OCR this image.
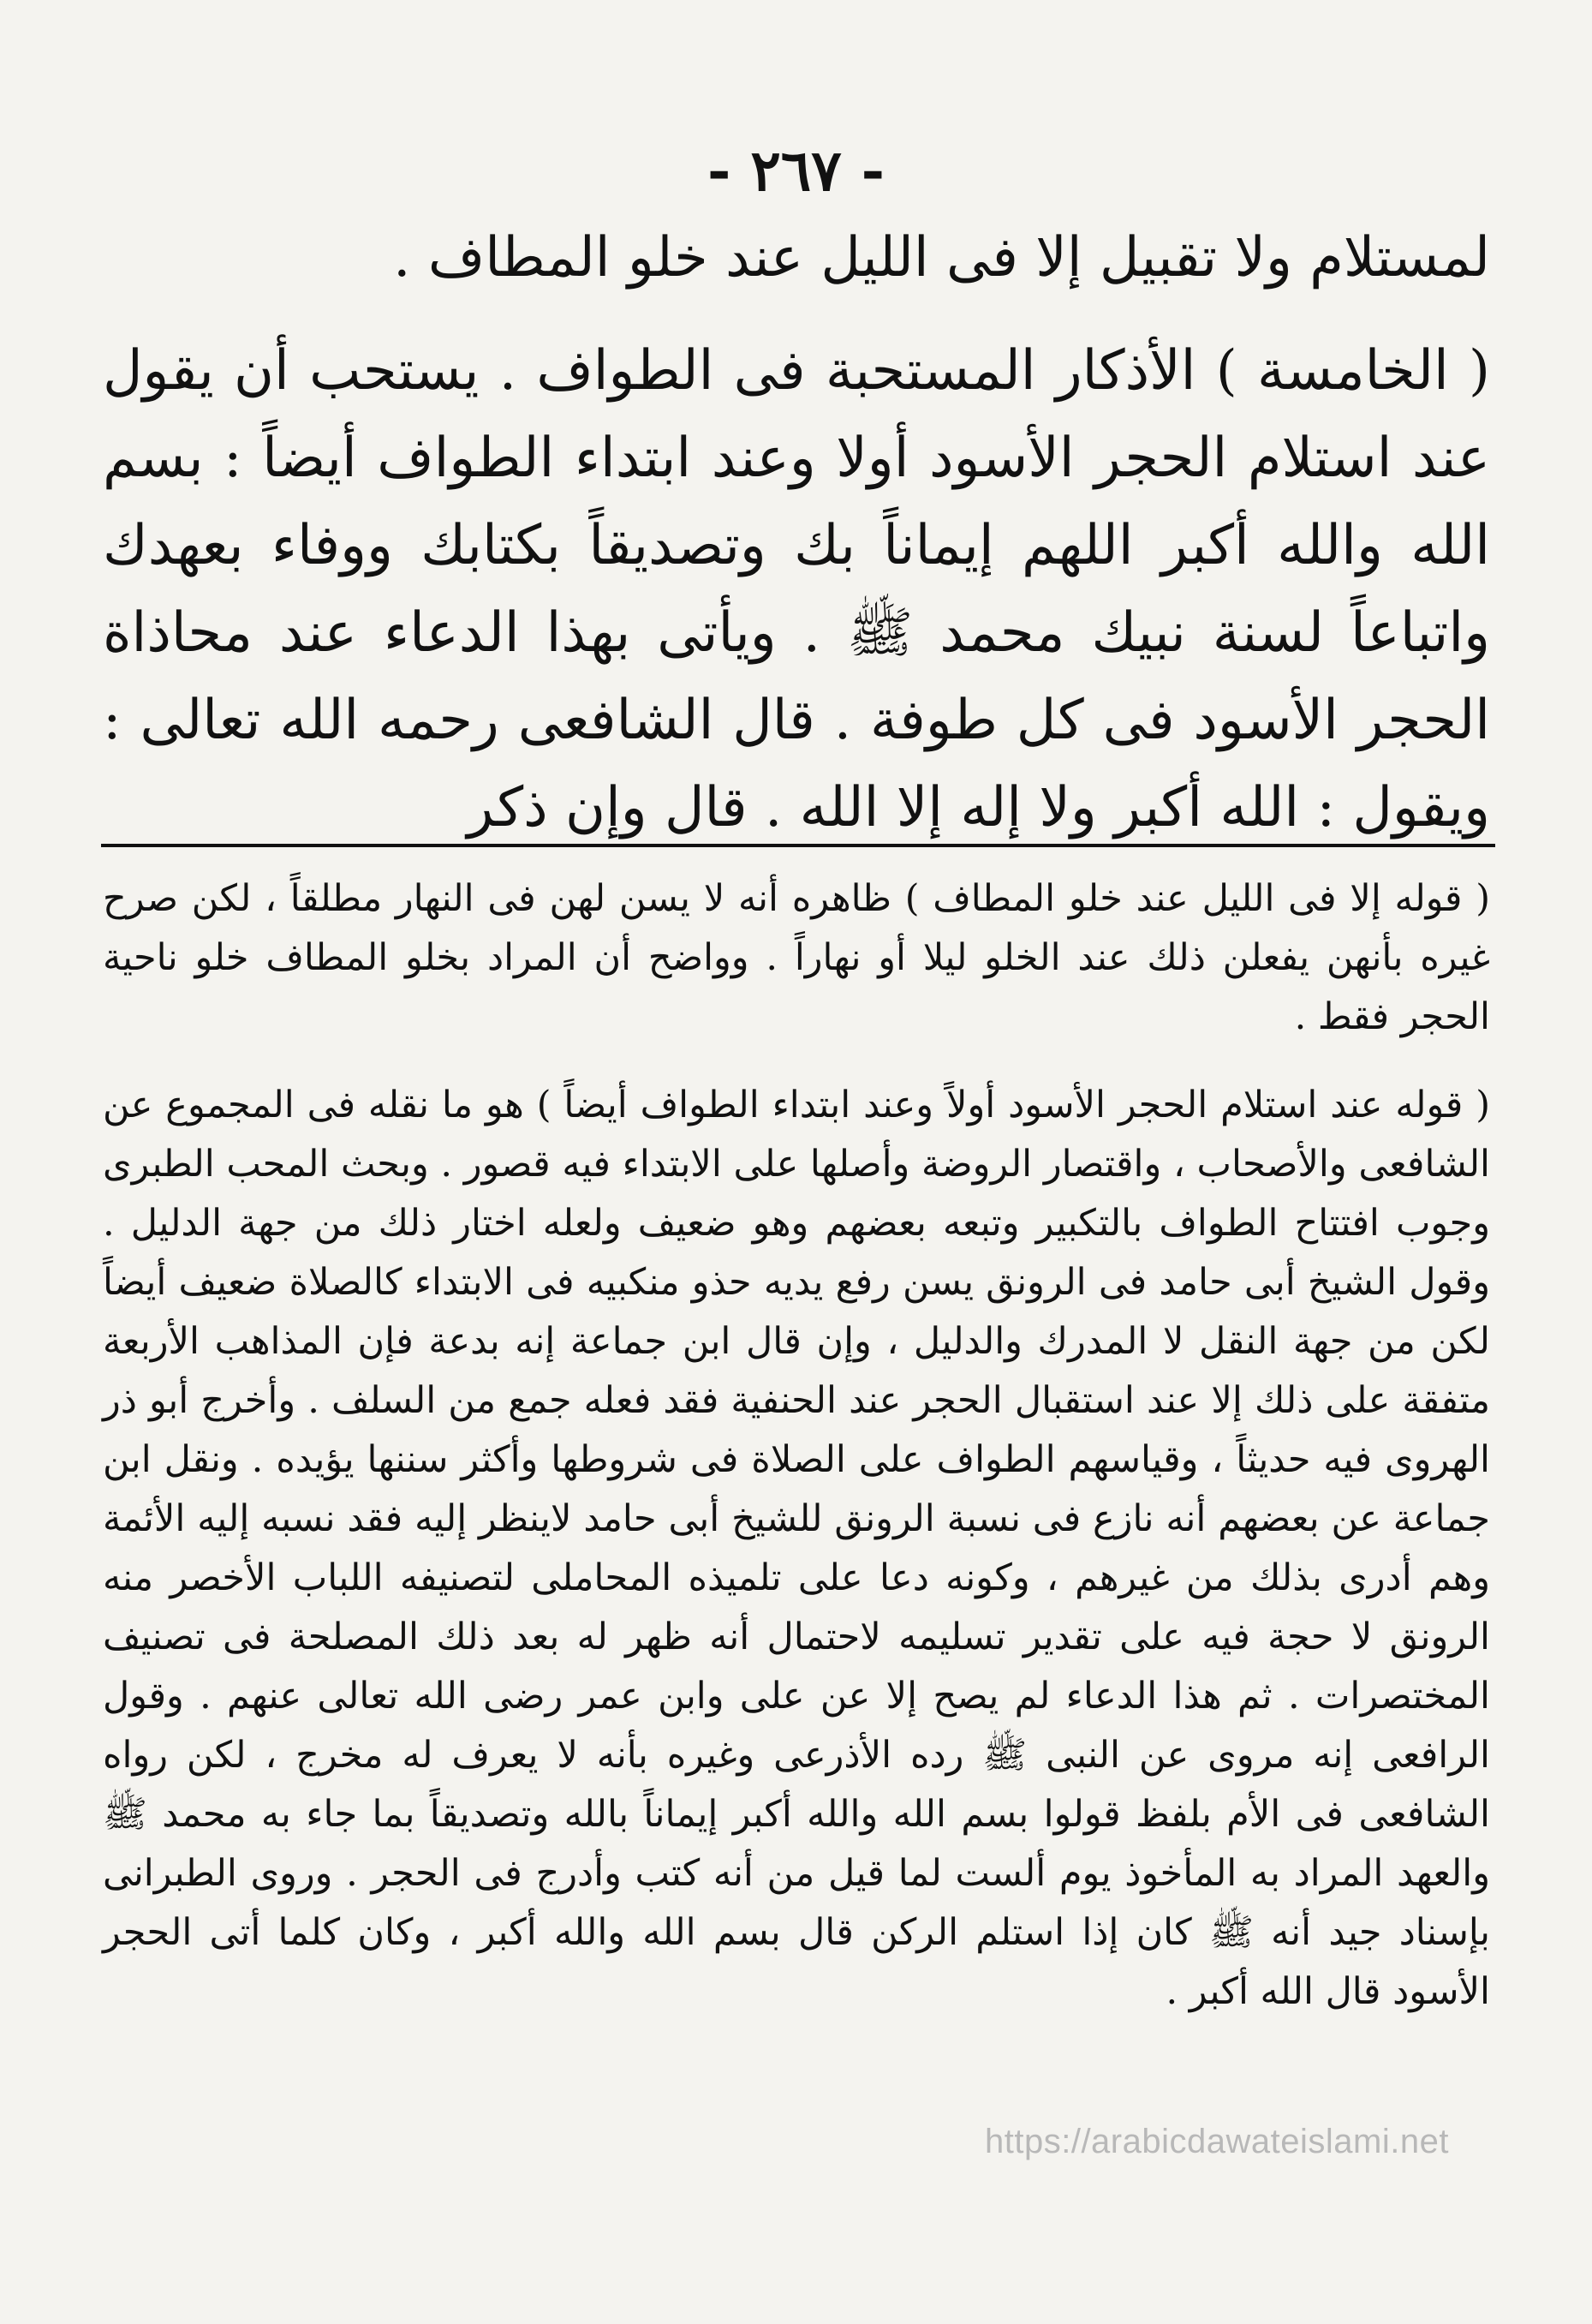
- ٢٦٧ -

لمستلام ولا تقبيل إلا فى الليل عند خلو المطاف .

( الخامسة ) الأذكار المستحبة فى الطواف . يستحب أن يقول عند استلام الحجر الأسود أولا وعند ابتداء الطواف أيضاً : بسم الله والله أكبر اللهم إيماناً بك وتصديقاً بكتابك ووفاء بعهدك واتباعاً لسنة نبيك محمد ﷺ . ويأتى بهذا الدعاء عند محاذاة الحجر الأسود فى كل طوفة . قال الشافعى رحمه الله تعالى : ويقول : الله أكبر ولا إله إلا الله . قال وإن ذكر

( قوله إلا فى الليل عند خلو المطاف ) ظاهره أنه لا يسن لهن فى النهار مطلقاً ، لكن صرح غيره بأنهن يفعلن ذلك عند الخلو ليلا أو نهاراً . وواضح أن المراد بخلو المطاف خلو ناحية الحجر فقط .

( قوله عند استلام الحجر الأسود أولاً وعند ابتداء الطواف أيضاً ) هو ما نقله فى المجموع عن الشافعى والأصحاب ، واقتصار الروضة وأصلها على الابتداء فيه قصور . وبحث المحب الطبرى وجوب افتتاح الطواف بالتكبير وتبعه بعضهم وهو ضعيف ولعله اختار ذلك من جهة الدليل . وقول الشيخ أبى حامد فى الرونق يسن رفع يديه حذو منكبيه فى الابتداء كالصلاة ضعيف أيضاً لكن من جهة النقل لا المدرك والدليل ، وإن قال ابن جماعة إنه بدعة فإن المذاهب الأربعة متفقة على ذلك إلا عند استقبال الحجر عند الحنفية فقد فعله جمع من السلف . وأخرج أبو ذر الهروى فيه حديثاً ، وقياسهم الطواف على الصلاة فى شروطها وأكثر سننها يؤيده . ونقل ابن جماعة عن بعضهم أنه نازع فى نسبة الرونق للشيخ أبى حامد لاينظر إليه فقد نسبه إليه الأئمة وهم أدرى بذلك من غيرهم ، وكونه دعا على تلميذه المحاملى لتصنيفه اللباب الأخصر منه الرونق لا حجة فيه على تقدير تسليمه لاحتمال أنه ظهر له بعد ذلك المصلحة فى تصنيف المختصرات . ثم هذا الدعاء لم يصح إلا عن على وابن عمر رضى الله تعالى عنهم . وقول الرافعى إنه مروى عن النبى ﷺ رده الأذرعى وغيره بأنه لا يعرف له مخرج ، لكن رواه الشافعى فى الأم بلفظ قولوا بسم الله والله أكبر إيماناً بالله وتصديقاً بما جاء به محمد ﷺ والعهد المراد به المأخوذ يوم ألست لما قيل من أنه كتب وأدرج فى الحجر . وروى الطبرانى بإسناد جيد أنه ﷺ كان إذا استلم الركن قال بسم الله والله أكبر ، وكان كلما أتى الحجر الأسود قال الله أكبر .

https://arabicdawateislami.net
